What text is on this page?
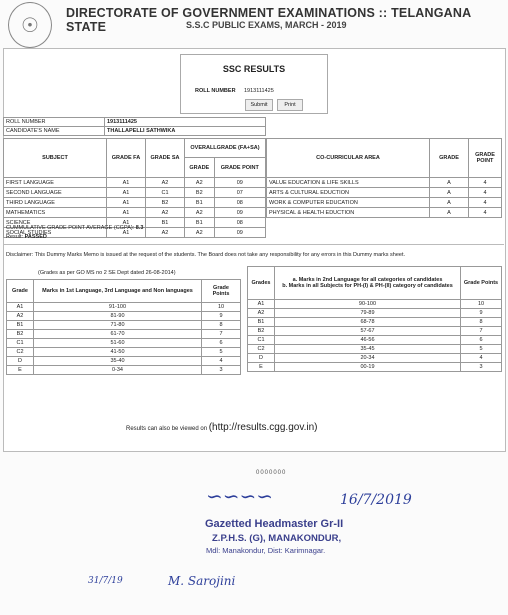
☉
DIRECTORATE OF GOVERNMENT EXAMINATIONS :: TELANGANA STATE	S.S.C PUBLIC EXAMS, MARCH - 2019
SSC RESULTS
ROLL NUMBER 1913111425
Submit	Print
ROLL NUMBER	1913111425
CANDIDATE'S NAME	THALLAPELLI SATHWIKA
SUBJECT	GRADE FA	GRADE SA	OVERALLGRADE (FA+SA)	
			GRADE	GRADE POINT
FIRST LANGUAGE	A1	A2	A2	09
SECOND LANGUAGE	A1	C1	B2	07
THIRD LANGUAGE	A1	B2	B1	08
MATHEMATICS	A1	A2	A2	09
SCIENCE	A1	B1	B1	08
SOCIAL STUDIES	A1	A2	A2	09
CO-CURRICULAR AREA	GRADE	GRADE POINT
VALUE EDUCATION & LIFE SKILLS	A	4
ARTS & CULTURAL EDUCTION	A	4
WORK & COMPUTER EDUCATION	A	4
PHYSICAL & HEALTH EDUCTION	A	4
CUMMULATIVE GRADE POINT AVERAGE (CGPA): 8.3
Result: PASSED
Disclaimer: This Dummy Marks Memo is issued at the request of the students. The Board does not take any responsibility for any errors in this Dummy marks sheet.
(Grades as per GO MS no 2 SE Dept dated 26-08-2014)
Grade	Marks in 1st Language, 3rd Language and Non languages	Grade Points
A1	91-100	10
A2	81-90	9
B1	71-80	8
B2	61-70	7
C1	51-60	6
C2	41-50	5
D	35-40	4
E	0-34	3
Grades	a. Marks in 2nd Language for all categories of candidates
b. Marks in all Subjects for PH-(I) & PH-(II) category of candidates	Grade Points
A1	90-100	10
A2	79-89	9
B1	68-78	8
B2	57-67	7
C1	46-56	6
C2	35-45	5
D	20-34	4
E	00-19	3
Results can also be viewed on (http://results.cgg.gov.in)
0000000
∽∽∽∽	16/7/2019
Gazetted Headmaster Gr-II
Z.P.H.S. (G), MANAKONDUR,
Mdl: Manakondur, Dist: Karimnagar.
31/7/19	M. Sarojini
